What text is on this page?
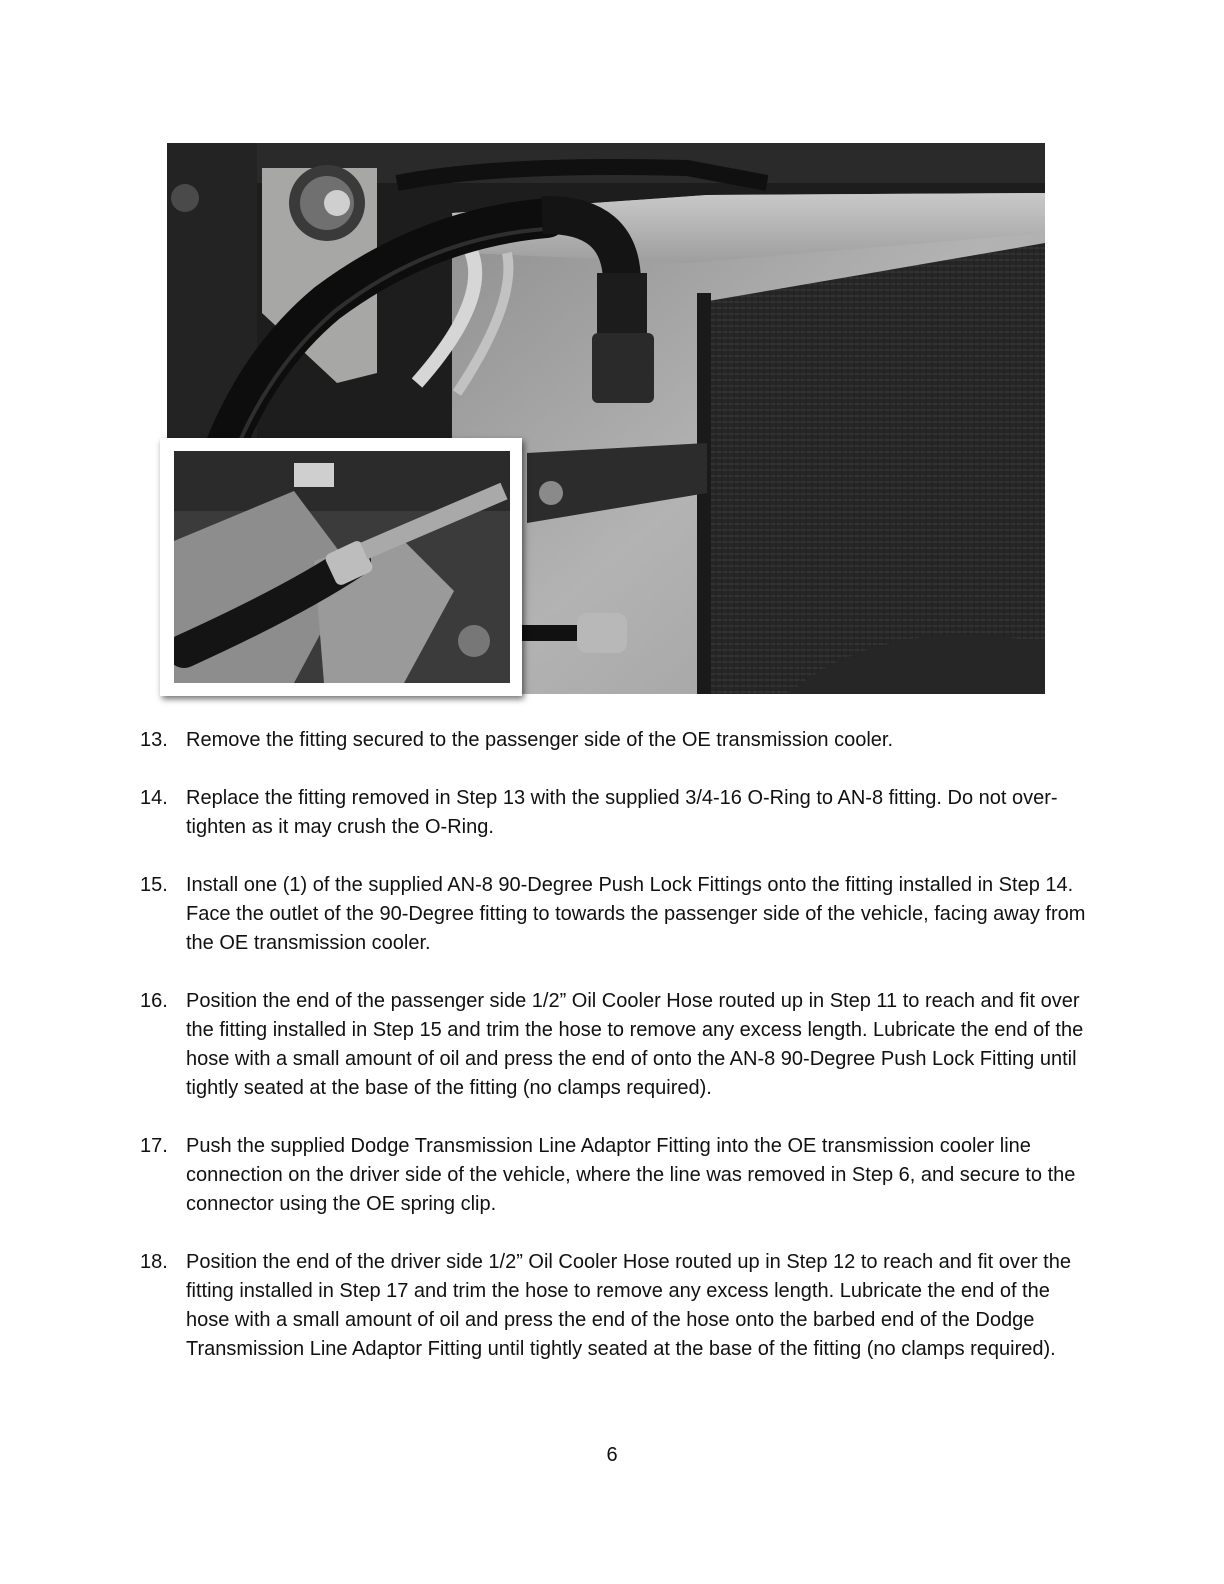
13. Remove the fitting secured to the passenger side of the OE transmission cooler.
14. Replace the fitting removed in Step 13 with the supplied 3/4-16 O-Ring to AN-8 fitting. Do not over-tighten as it may crush the O-Ring.
15. Install one (1) of the supplied AN-8 90-Degree Push Lock Fittings onto the fitting installed in Step 14. Face the outlet of the 90-Degree fitting to towards the passenger side of the vehicle, facing away from the OE transmission cooler.
16. Position the end of the passenger side 1/2” Oil Cooler Hose routed up in Step 11 to reach and fit over the fitting installed in Step 15 and trim the hose to remove any excess length. Lubricate the end of the hose with a small amount of oil and press the end of onto the AN-8 90-Degree Push Lock Fitting until tightly seated at the base of the fitting (no clamps required).
17. Push the supplied Dodge Transmission Line Adaptor Fitting into the OE transmission cooler line connection on the driver side of the vehicle, where the line was removed in Step 6, and secure to the connector using the OE spring clip.
18. Position the end of the driver side 1/2” Oil Cooler Hose routed up in Step 12 to reach and fit over the fitting installed in Step 17 and trim the hose to remove any excess length. Lubricate the end of the hose with a small amount of oil and press the end of the hose onto the barbed end of the Dodge Transmission Line Adaptor Fitting until tightly seated at the base of the fitting (no clamps required).
6
